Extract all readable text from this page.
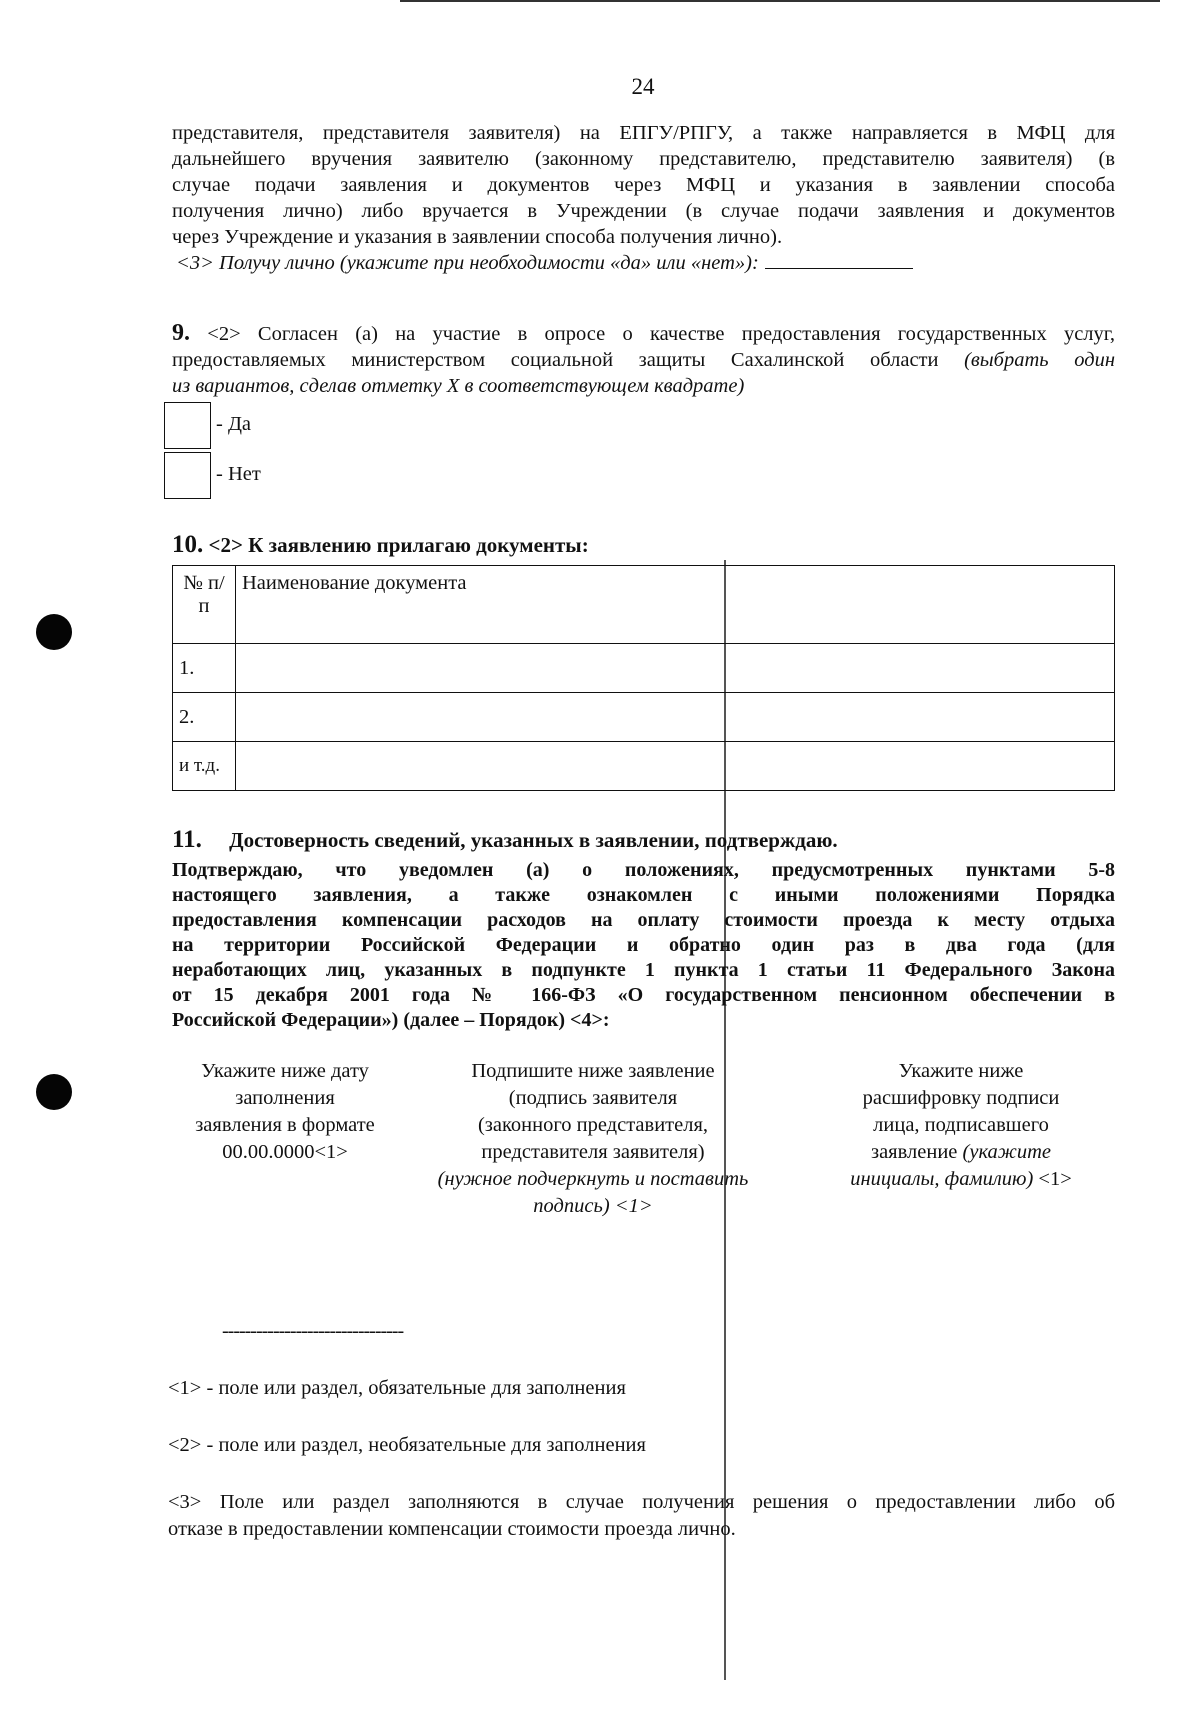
24
представителя, представителя заявителя) на ЕПГУ/РПГУ, а также направляется в МФЦ для
дальнейшего вручения заявителю (законному представителю, представителю заявителя) (в
случае подачи заявления и документов через МФЦ и указания в заявлении способа
получения лично) либо вручается в Учреждении (в случае подачи заявления и документов
через Учреждение и указания в заявлении способа получения лично).
<3> Получу лично (укажите при необходимости «да» или «нет»):
9. <2> Согласен (а) на участие в опросе о качестве предоставления государственных услуг,
предоставляемых министерством социальной защиты Сахалинской области (выбрать один
из вариантов, сделав отметку X в соответствующем квадрате)
- Да
- Нет
10. <2> К заявлению прилагаю документы:
№ п/п	Наименование документа
1.	
2.	
и т.д.	
11. Достоверность сведений, указанных в заявлении, подтверждаю.
Подтверждаю, что уведомлен (а) о положениях, предусмотренных пунктами 5-8
настоящего заявления, а также ознакомлен с иными положениями Порядка
предоставления компенсации расходов на оплату стоимости проезда к месту отдыха
на территории Российской Федерации и обратно один раз в два года (для
неработающих лиц, указанных в подпункте 1 пункта 1 статьи 11 Федерального Закона
от 15 декабря 2001 года № 166-ФЗ «О государственном пенсионном обеспечении в
Российской Федерации») (далее – Порядок) <4>:
Укажите ниже дату
заполнения
заявления в формате
00.00.0000<1>
Подпишите ниже заявление
(подпись заявителя
(законного представителя,
представителя заявителя)
(нужное подчеркнуть и поставить
подпись) <1>
Укажите ниже
расшифровку подписи
лица, подписавшего
заявление (укажите
инициалы, фамилию) <1>
--------------------------------
<1> - поле или раздел, обязательные для заполнения
<2> - поле или раздел, необязательные для заполнения
<3> Поле или раздел заполняются в случае получения решения о предоставлении либо об
отказе в предоставлении компенсации стоимости проезда лично.
